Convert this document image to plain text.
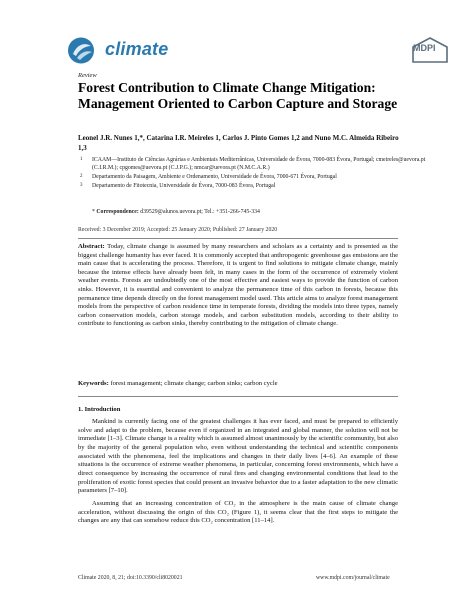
climate	MDPI
Review
Forest Contribution to Climate Change Mitigation: Management Oriented to Carbon Capture and Storage
Leonel J.R. Nunes 1,*, Catarina I.R. Meireles 1, Carlos J. Pinto Gomes 1,2 and Nuno M.C. Almeida Ribeiro 1,3
1 ICAAM—Instituto de Ciências Agrárias e Ambientais Mediterrânicas, Universidade de Évora, 7000-083 Évora, Portugal; cmeireles@uevora.pt (C.I.R.M.); cpgomes@uevora.pt (C.J.P.G.); nmcar@uevora.pt (N.M.C.A.R.)
2 Departamento da Paisagem, Ambiente e Ordenamento, Universidade de Évora, 7000-671 Évora, Portugal
3 Departamento de Fitotecnia, Universidade de Évora, 7000-083 Évora, Portugal
* Correspondence: d39529@alunos.uevora.pt; Tel.: +351-266-745-334
Received: 3 December 2019; Accepted: 25 January 2020; Published: 27 January 2020
Abstract: Today, climate change is assumed by many researchers and scholars as a certainty and is presented as the biggest challenge humanity has ever faced. It is commonly accepted that anthropogenic greenhouse gas emissions are the main cause that is accelerating the process. Therefore, it is urgent to find solutions to mitigate climate change, mainly because the intense effects have already been felt, in many cases in the form of the occurrence of extremely violent weather events. Forests are undoubtedly one of the most effective and easiest ways to provide the function of carbon sinks. However, it is essential and convenient to analyze the permanence time of this carbon in forests, because this permanence time depends directly on the forest management model used. This article aims to analyze forest management models from the perspective of carbon residence time in temperate forests, dividing the models into three types, namely carbon conservation models, carbon storage models, and carbon substitution models, according to their ability to contribute to functioning as carbon sinks, thereby contributing to the mitigation of climate change.
Keywords: forest management; climate change; carbon sinks; carbon cycle
1. Introduction

Mankind is currently facing one of the greatest challenges it has ever faced, and must be prepared to efficiently solve and adapt to the problem, because even if organized in an integrated and global manner, the solution will not be immediate [1–3]. Climate change is a reality which is assumed almost unanimously by the scientific community, but also by the majority of the general population who, even without understanding the technical and scientific components associated with the phenomena, feel the implications and changes in their daily lives [4–6]. An example of these situations is the occurrence of extreme weather phenomena, in particular, concerning forest environments, which have a direct consequence by increasing the occurrence of rural fires and changing environmental conditions that lead to the proliferation of exotic forest species that could present an invasive behavior due to a faster adaptation to the new climatic parameters [7–10].

Assuming that an increasing concentration of CO₂ in the atmosphere is the main cause of climate change acceleration, without discussing the origin of this CO₂ (Figure 1), it seems clear that the first steps to mitigate the changes are any that can somehow reduce this CO₂ concentration [11–14].

Climate 2020, 8, 21; doi:10.3390/cli8020021	www.mdpi.com/journal/climate
